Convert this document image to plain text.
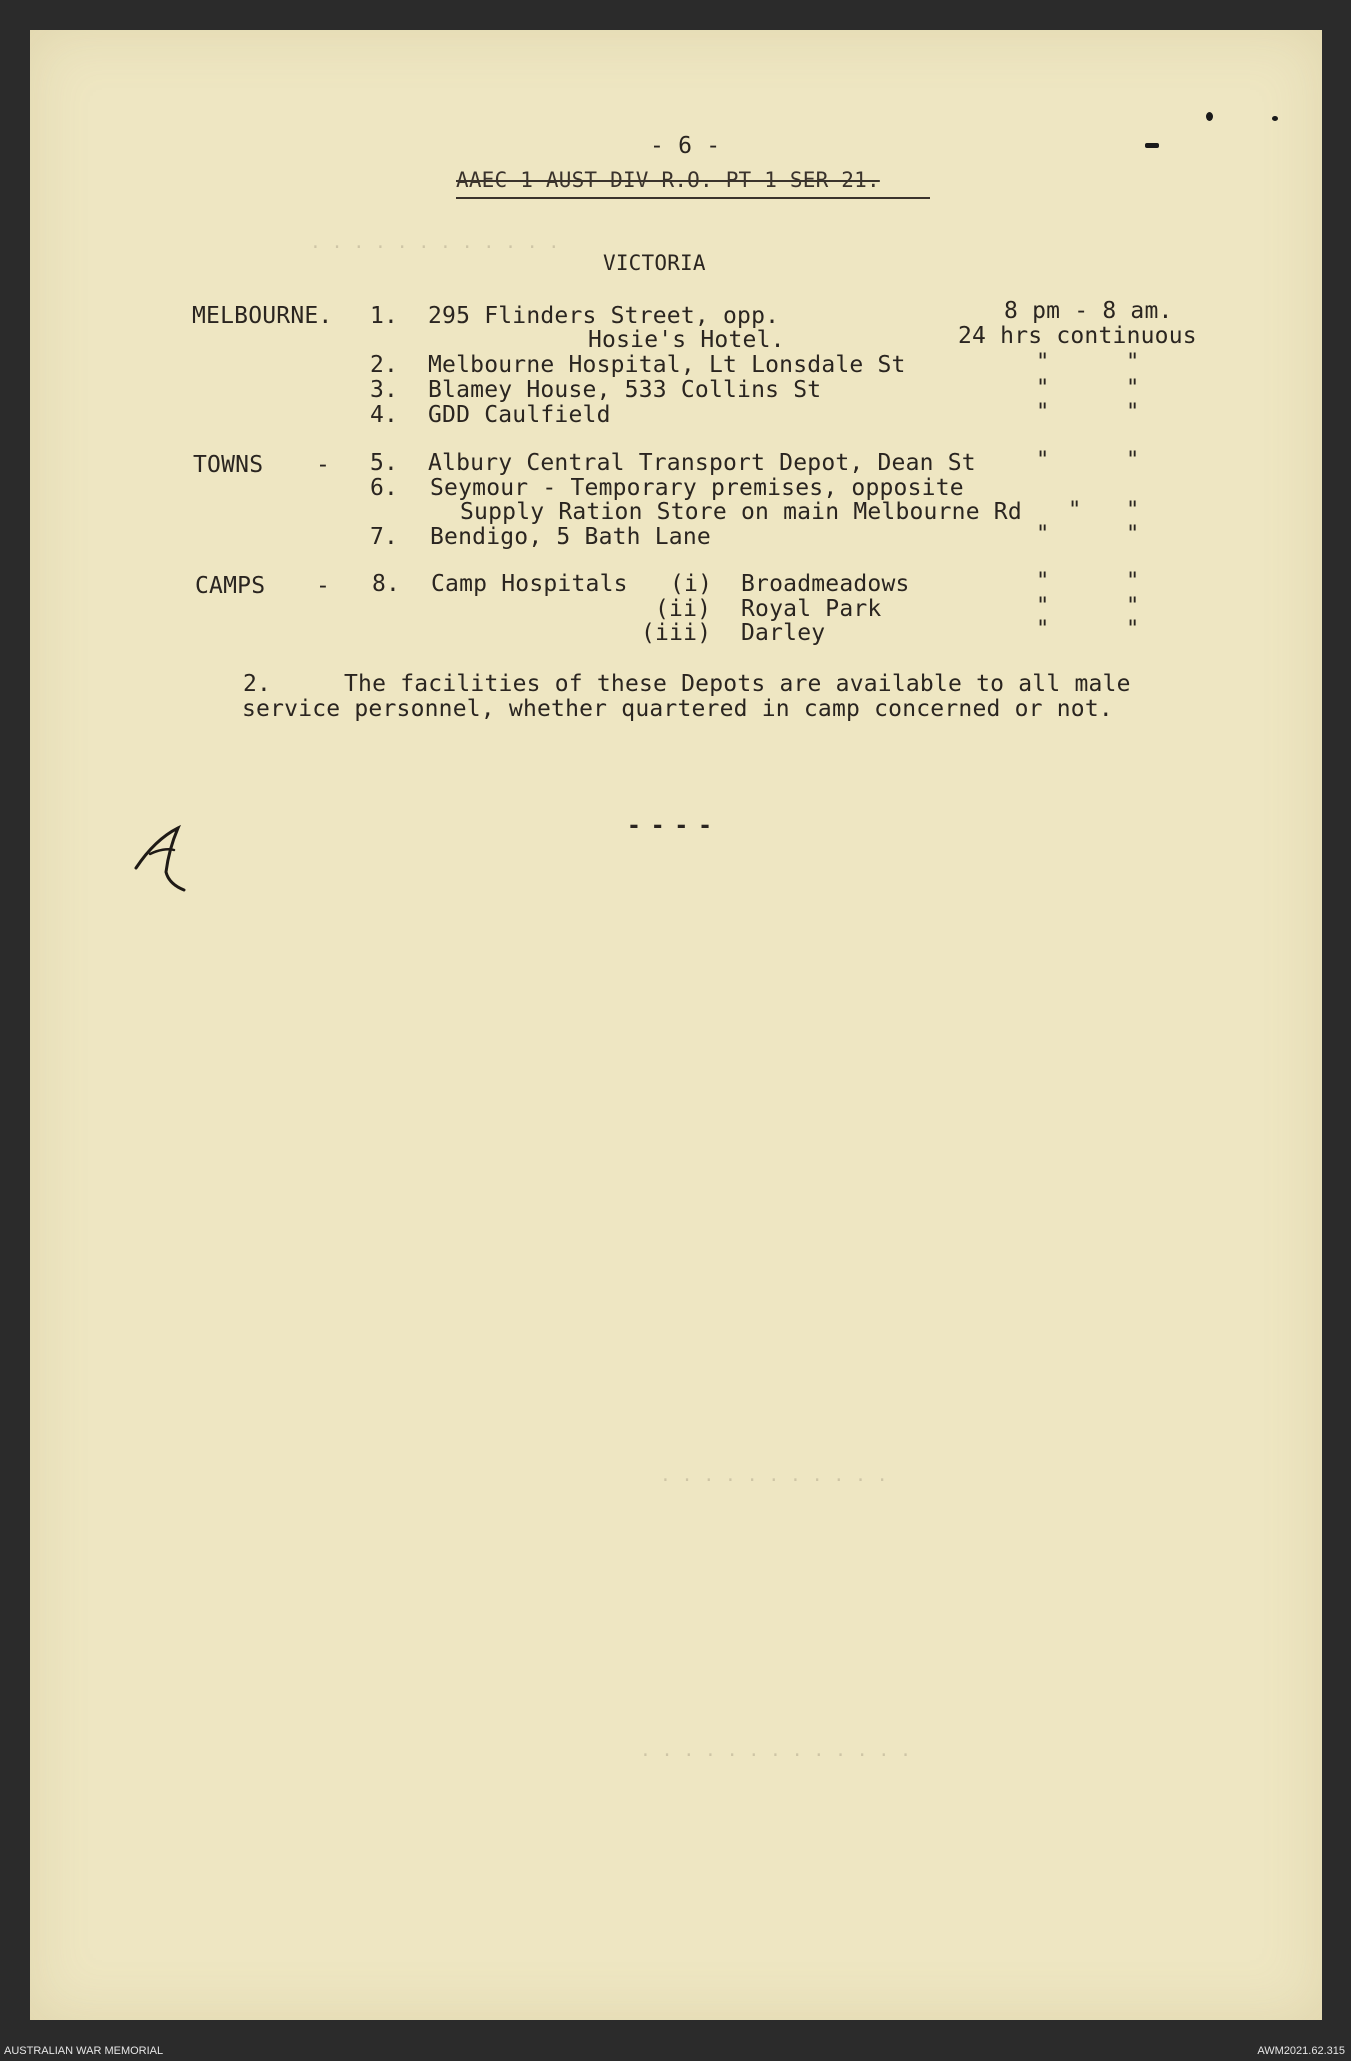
. . . . . . . . . . . .
. . . . . . . . . . .
. . . . . . . . . . . . .
- 6 -
AAEC 1 AUST DIV R.O. PT 1 SER 21.
VICTORIA
MELBOURNE. 1. 295 Flinders Street, opp.	8 pm - 8 am.
Hosie's Hotel.	24 hrs continuous
2. Melbourne Hospital, Lt Lonsdale St	"	"
3. Blamey House, 533 Collins St	"	"
4. GDD Caulfield	"	"
TOWNS - 5. Albury Central Transport Depot, Dean St	"	"
6. Seymour - Temporary premises, opposite
Supply Ration Store on main Melbourne Rd " "
7. Bendigo, 5 Bath Lane	"	"
CAMPS - 8. Camp Hospitals (i) Broadmeadows	"	"
(ii) Royal Park	"	"
(iii) Darley	"	"
2.	The facilities of these Depots are available to all male
service personnel, whether quartered in camp concerned or not.
- - - -
AUSTRALIAN WAR MEMORIAL	AWM2021.62.315
